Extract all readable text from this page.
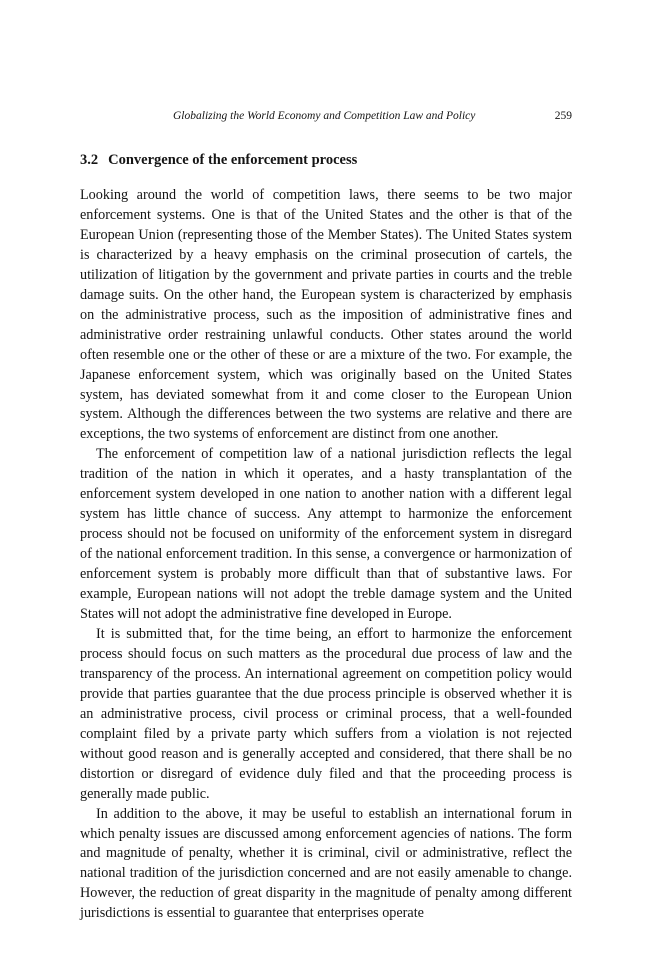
Globalizing the World Economy and Competition Law and Policy	259
3.2 Convergence of the enforcement process

Looking around the world of competition laws, there seems to be two major enforcement systems. One is that of the United States and the other is that of the European Union (representing those of the Member States). The United States system is characterized by a heavy emphasis on the criminal prosecution of cartels, the utilization of litigation by the government and private parties in courts and the treble damage suits. On the other hand, the European system is characterized by emphasis on the administrative process, such as the imposition of administrative fines and administrative order restraining unlawful conducts. Other states around the world often resemble one or the other of these or are a mixture of the two. For example, the Japanese enforcement system, which was originally based on the United States system, has deviated somewhat from it and come closer to the European Union system. Although the differences between the two systems are relative and there are exceptions, the two systems of enforcement are distinct from one another.

The enforcement of competition law of a national jurisdiction reflects the legal tradition of the nation in which it operates, and a hasty transplantation of the enforcement system developed in one nation to another nation with a different legal system has little chance of success. Any attempt to harmonize the enforcement process should not be focused on uniformity of the enforcement system in disregard of the national enforcement tradition. In this sense, a convergence or harmonization of enforcement system is probably more difficult than that of substantive laws. For example, European nations will not adopt the treble damage system and the United States will not adopt the administrative fine developed in Europe.

It is submitted that, for the time being, an effort to harmonize the enforcement process should focus on such matters as the procedural due process of law and the transparency of the process. An international agreement on competition policy would provide that parties guarantee that the due process principle is observed whether it is an administrative process, civil process or criminal process, that a well-founded complaint filed by a private party which suffers from a violation is not rejected without good reason and is generally accepted and considered, that there shall be no distortion or disregard of evidence duly filed and that the proceeding process is generally made public.

In addition to the above, it may be useful to establish an international forum in which penalty issues are discussed among enforcement agencies of nations. The form and magnitude of penalty, whether it is criminal, civil or administrative, reflect the national tradition of the jurisdiction concerned and are not easily amenable to change. However, the reduction of great disparity in the magnitude of penalty among different jurisdictions is essential to guarantee that enterprises operate
